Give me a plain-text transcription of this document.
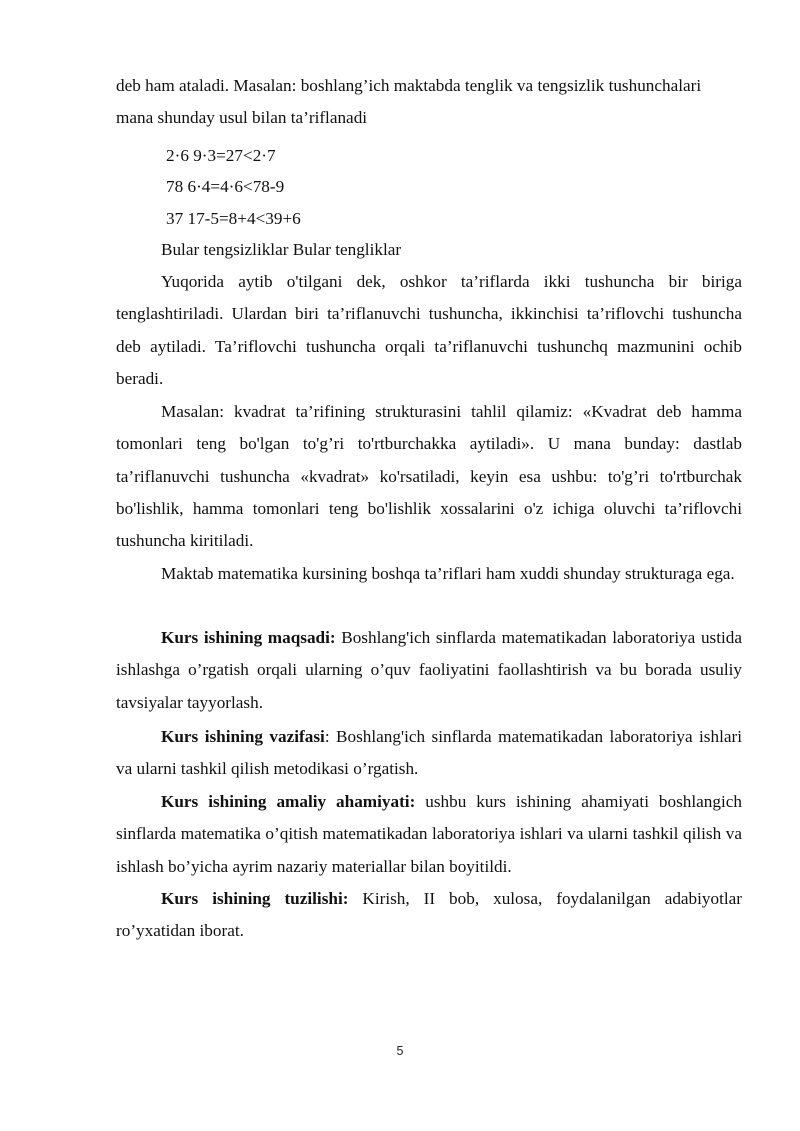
deb ham ataladi. Masalan: boshlang’ich maktabda tenglik va tengsizlik tushunchalari mana shunday usul bilan ta’riflanadi

2·6 9·3=27<2·7

78 6·4=4·6<78-9

37 17-5=8+4<39+6

Bular tengsizliklar Bular tengliklar

Yuqorida aytib o'tilgani dek, oshkor ta’riflarda ikki tushuncha bir biriga tenglashtiriladi. Ulardan biri ta’riflanuvchi tushuncha, ikkinchisi ta’riflovchi tushuncha deb aytiladi. Ta’riflovchi tushuncha orqali ta’riflanuvchi tushunchq mazmunini ochib beradi.

Masalan: kvadrat ta’rifining strukturasini tahlil qilamiz: «Kvadrat deb hamma tomonlari teng bo'lgan to'g’ri to'rtburchakka aytiladi». U mana bunday: dastlab ta’riflanuvchi tushuncha «kvadrat» ko'rsatiladi, keyin esa ushbu: to'g’ri to'rtburchak bo'lishlik, hamma tomonlari teng bo'lishlik xossalarini o'z ichiga oluvchi ta’riflovchi tushuncha kiritiladi.

Maktab matematika kursining boshqa ta’riflari ham xuddi shunday strukturaga ega.

Kurs ishining maqsadi: Boshlang'ich sinflarda matematikadan laboratoriya ustida ishlashga o’rgatish orqali ularning o’quv faoliyatini faollashtirish va bu borada usuliy tavsiyalar tayyorlash.

Kurs ishining vazifasi: Boshlang'ich sinflarda matematikadan laboratoriya ishlari va ularni tashkil qilish metodikasi o’rgatish.

Kurs ishining amaliy ahamiyati: ushbu kurs ishining ahamiyati boshlangich sinflarda matematika o’qitish matematikadan laboratoriya ishlari va ularni tashkil qilish va ishlash bo’yicha ayrim nazariy materiallar bilan boyitildi.

Kurs ishining tuzilishi: Kirish, II bob, xulosa, foydalanilgan adabiyotlar ro’yxatidan iborat.

5
